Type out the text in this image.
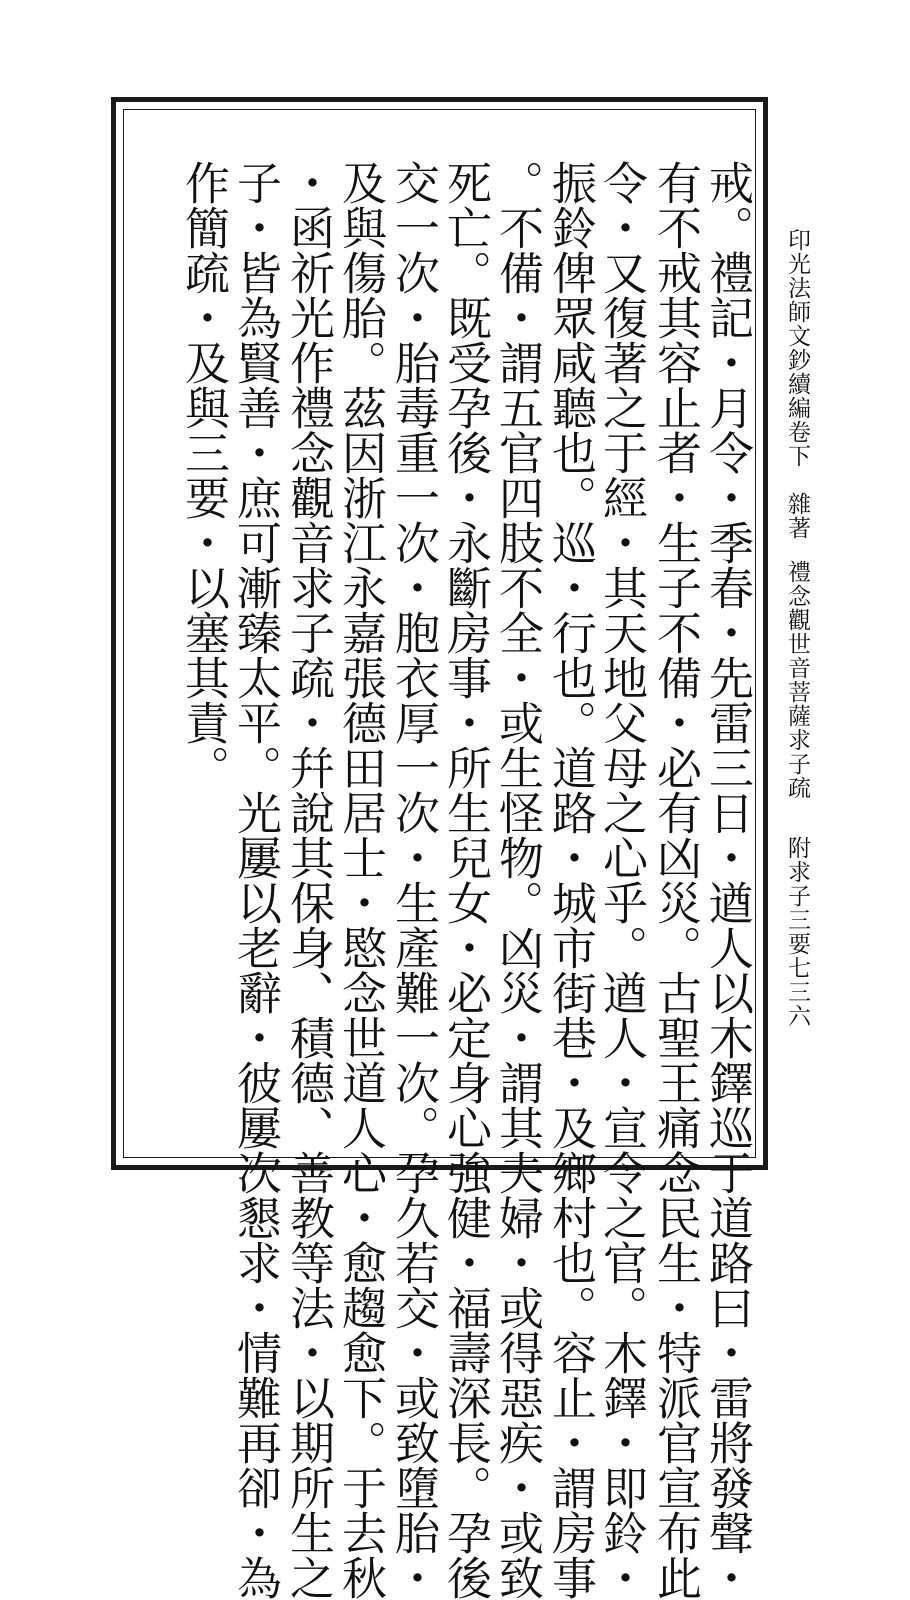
戒。禮記・月令・季春・先雷三日・遒人以木鐸巡于道路曰・雷將發聲・
有不戒其容止者・生子不備・必有凶災。古聖王痛念民生・特派官宣布此
令・又復著之于經・其天地父母之心乎。遒人・宣令之官。木鐸・即鈴・
振鈴俾眾咸聽也。巡・行也。道路・城市街巷・及鄉村也。容止・謂房事
。不備・謂五官四肢不全・或生怪物。凶災・謂其夫婦・或得惡疾・或致
死亡。既受孕後・永斷房事・所生兒女・必定身心強健・福壽深長。孕後
交一次・胎毒重一次・胞衣厚一次・生產難一次。孕久若交・或致墮胎・
及與傷胎。茲因浙江永嘉張德田居士・愍念世道人心・愈趨愈下。于去秋
・函祈光作禮念觀音求子疏・幷說其保身、積德、善教等法・以期所生之
子・皆為賢善・庶可漸臻太平。光屢以老辭・彼屢次懇求・情難再卻・為
作簡疏・及與三要・以塞其責。	印光法師文鈔續編卷下
雜著
禮念觀世音菩薩求子疏
附求子三要
七三六
